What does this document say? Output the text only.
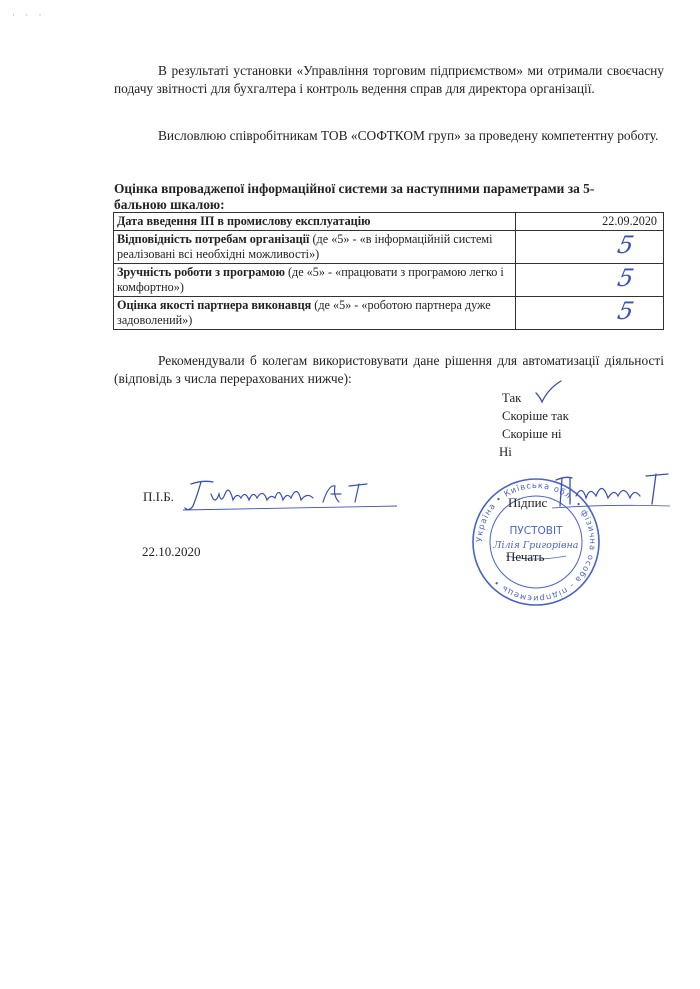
· · ·

В результаті установки «Управління торговим підприємством» ми отримали своєчасну подачу звітності для бухгалтера і контроль ведення справ для директора організації.

Висловлюю співробітникам ТОВ «СОФТКОМ груп» за проведену компетентну роботу.

Оцінка впроваджепої інформаційної системи за наступними параметрами за 5-бальною шкалою:

Дата введення ІП в промислову експлуатацію	22.09.2020
Відповідність потребам організації (де «5» - «в інформаційній системі реалізовані всі необхідні можливості»)	5
Зручність роботи з програмою (де «5» - «працювати з програмою легко і комфортно»)	5
Оцінка якості партнера виконавця (де «5» - «роботою партнера дуже задоволений»)	5

Рекомендували б колегам використовувати дане рішення для автоматизації діяльності (відповідь з числа перерахованих нижче):

Так
Скоріше так
Скоріше ні
Ні
П.І.Б.
Україна • Київська обл. • фізична особа - підприємець •
ПУСТОВІТ
Лілія Григорівна
Підпис
22.10.2020	Печать
